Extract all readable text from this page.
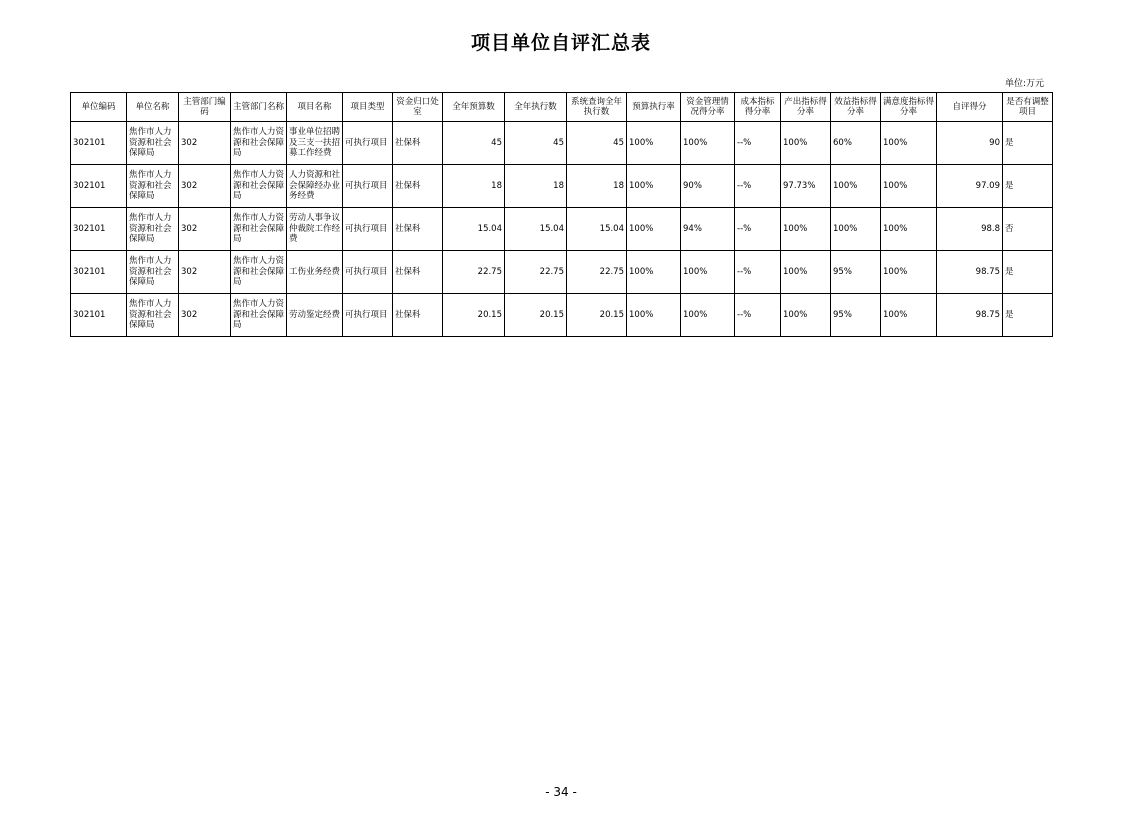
项目单位自评汇总表
单位:万元
单位编码	单位名称	主管部门编码	主管部门名称	项目名称	项目类型	资金归口处室	全年预算数	全年执行数	系统查询全年执行数	预算执行率	资金管理情况得分率	成本指标得分率	产出指标得分率	效益指标得分率	满意度指标得分率	自评得分	是否有调整项目
302101	焦作市人力资源和社会保障局	302	焦作市人力资源和社会保障局	事业单位招聘及三支一扶招募工作经费	可执行项目	社保科	45	45	45	100%	100%	--%	100%	60%	100%	90	是
302101	焦作市人力资源和社会保障局	302	焦作市人力资源和社会保障局	人力资源和社会保障经办业务经费	可执行项目	社保科	18	18	18	100%	90%	--%	97.73%	100%	100%	97.09	是
302101	焦作市人力资源和社会保障局	302	焦作市人力资源和社会保障局	劳动人事争议仲裁院工作经费	可执行项目	社保科	15.04	15.04	15.04	100%	94%	--%	100%	100%	100%	98.8	否
302101	焦作市人力资源和社会保障局	302	焦作市人力资源和社会保障局	工伤业务经费	可执行项目	社保科	22.75	22.75	22.75	100%	100%	--%	100%	95%	100%	98.75	是
302101	焦作市人力资源和社会保障局	302	焦作市人力资源和社会保障局	劳动鉴定经费	可执行项目	社保科	20.15	20.15	20.15	100%	100%	--%	100%	95%	100%	98.75	是
- 34 -
